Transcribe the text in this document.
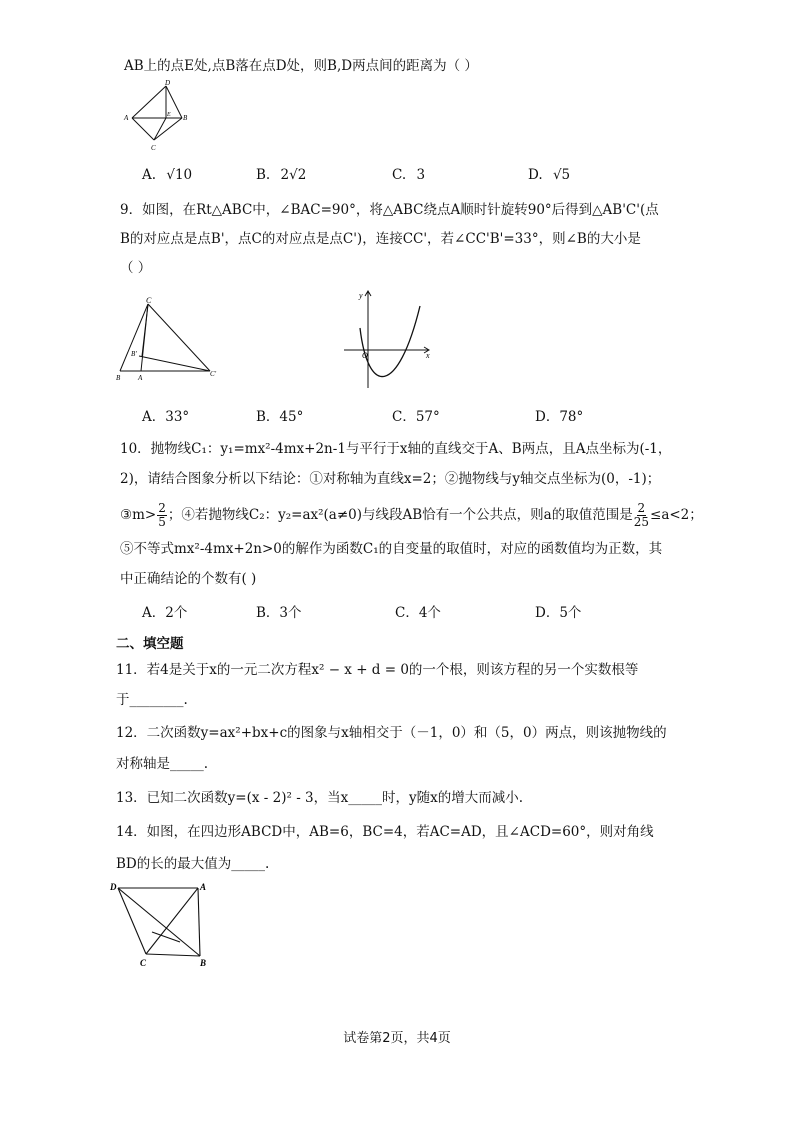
AB上的点E处,点B落在点D处，则B,D两点间的距离为（ ）
D
A	E B
C
A. √10	B. 2√2	C. 3	D. √5
9．如图，在Rt△ABC中，∠BAC=90°，将△ABC绕点A顺时针旋转90°后得到△AB'C'(点
B的对应点是点B'，点C的对应点是点C')，连接CC'，若∠CC'B'=33°，则∠B的大小是
（ ）
C
B'
B	A	C'
y
O	x
A．33°	B．45°	C．57°	D．78°
10．抛物线C₁：y₁=mx²-4mx+2n-1与平行于x轴的直线交于A、B两点，且A点坐标为(-1，
2)，请结合图象分析以下结论：①对称轴为直线x=2；②抛物线与y轴交点坐标为(0，-1)；
③m> $\frac{2}{5}$ ；④若抛物线C₂：y₂=ax²(a≠0)与线段AB恰有一个公共点，则a的取值范围是 $\frac{2}{25} \le a<2$；
⑤不等式mx²-4mx+2n>0的解作为函数C₁的自变量的取值时，对应的函数值均为正数，其
中正确结论的个数有( )
A．2个	B．3个	C．4个	D．5个
二、填空题
11．若4是关于x的一元二次方程x² − x + d = 0的一个根，则该方程的另一个实数根等
于________.
12．二次函数y=ax²+bx+c的图象与x轴相交于（－1，0）和（5，0）两点，则该抛物线的
对称轴是_____.
13．已知二次函数y=(x - 2)² - 3，当x_____时，y随x的增大而减小.
14．如图，在四边形ABCD中，AB=6，BC=4，若AC=AD，且∠ACD=60°，则对角线
BD的长的最大值为_____.
D	A
C	B
试卷第2页，共4页
